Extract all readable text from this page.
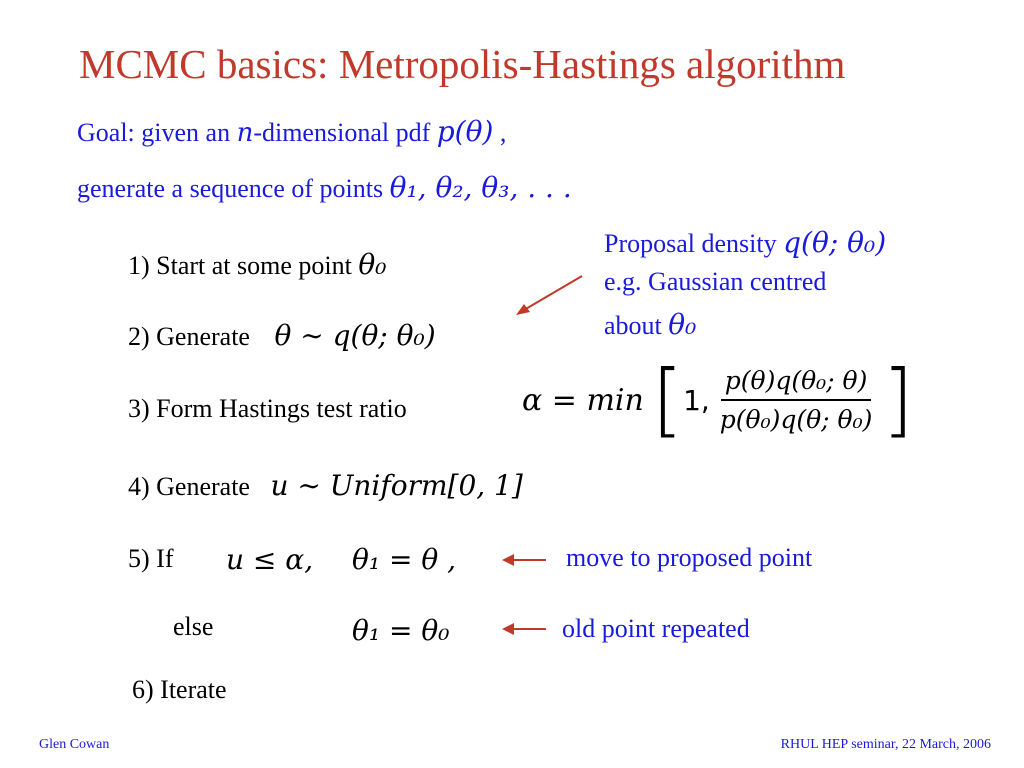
MCMC basics: Metropolis-Hastings algorithm
Goal: given an n-dimensional pdf p(θ) ,
generate a sequence of points θ₁, θ₂, θ₃, . . .
Proposal density q(θ; θ₀)
e.g. Gaussian centred
about θ₀
1) Start at some point θ₀
2) Generate θ ∼ q(θ; θ₀)
3) Form Hastings test ratio	α = min [ 1, $\frac{\text{p(θ)q(θ₀; θ)}}{\text{p(θ₀)q(θ; θ₀)}}$ ]
4) Generate u ∼ Uniform[0, 1]
5) If u ≤ α, θ₁ = θ ,	move to proposed point
else	θ₁ = θ₀	old point repeated
6) Iterate
Glen Cowan	RHUL HEP seminar, 22 March, 2006
